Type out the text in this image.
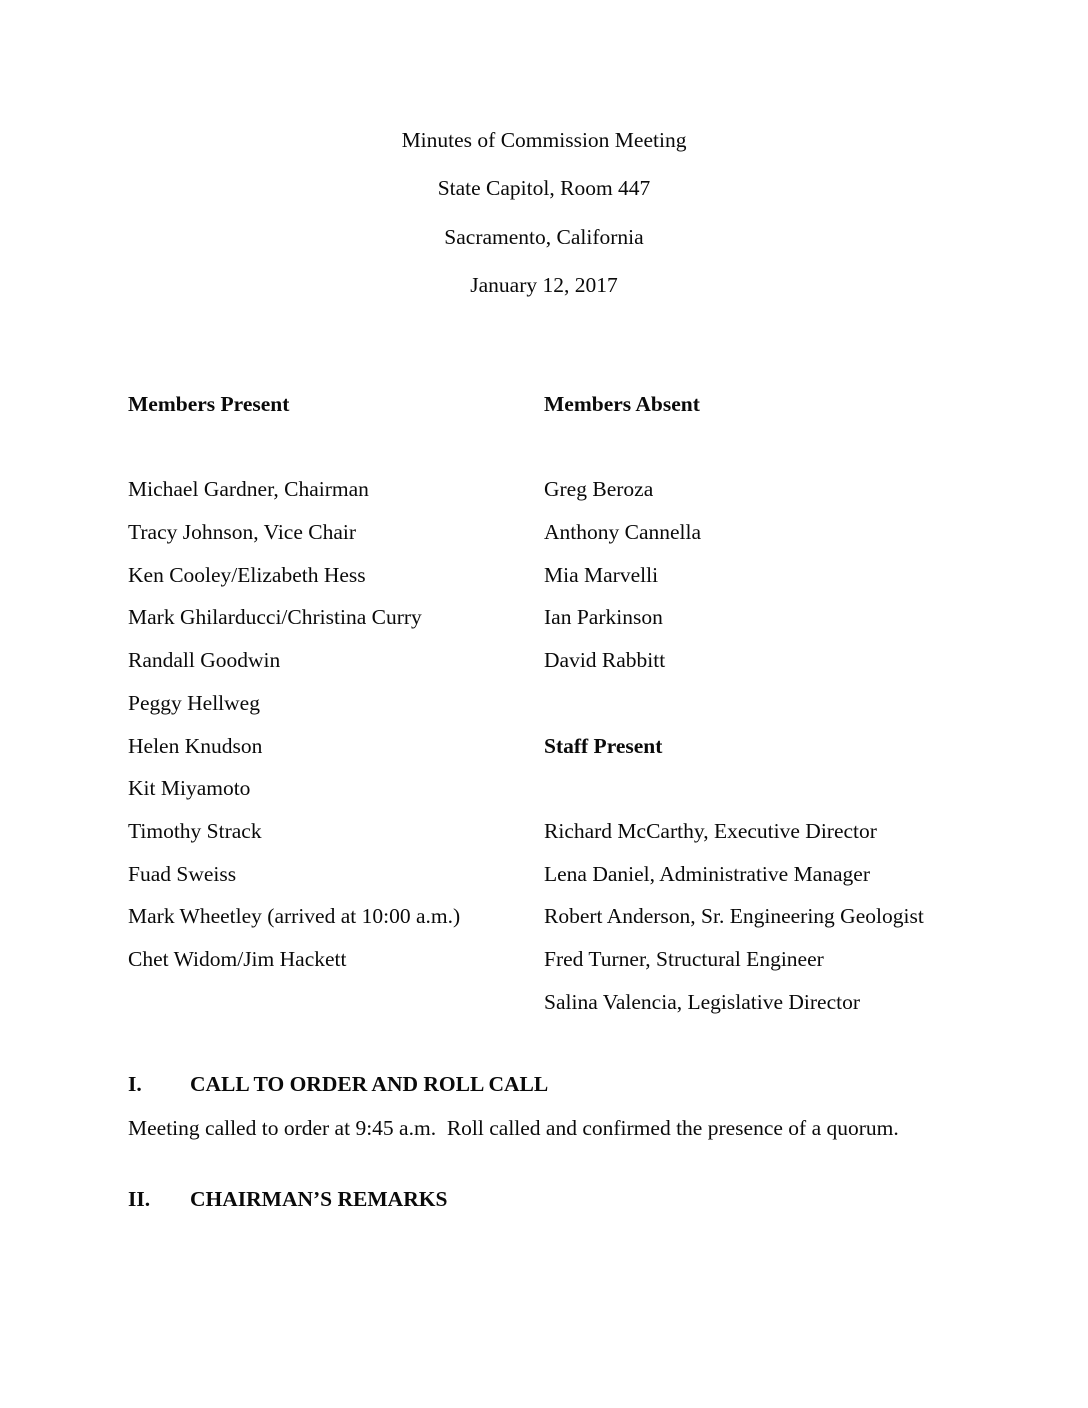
Minutes of Commission Meeting
State Capitol, Room 447
Sacramento, California
January 12, 2017
Members Present

Michael Gardner, Chairman
Tracy Johnson, Vice Chair
Ken Cooley/Elizabeth Hess
Mark Ghilarducci/Christina Curry
Randall Goodwin
Peggy Hellweg
Helen Knudson
Kit Miyamoto
Timothy Strack
Fuad Sweiss
Mark Wheetley (arrived at 10:00 a.m.)
Chet Widom/Jim Hackett
Members Absent

Greg Beroza
Anthony Cannella
Mia Marvelli
Ian Parkinson
David Rabbitt

Staff Present

Richard McCarthy, Executive Director
Lena Daniel, Administrative Manager
Robert Anderson, Sr. Engineering Geologist
Fred Turner, Structural Engineer
Salina Valencia, Legislative Director
I. CALL TO ORDER AND ROLL CALL
Meeting called to order at 9:45 a.m.  Roll called and confirmed the presence of a quorum.
II. CHAIRMAN’S REMARKS
